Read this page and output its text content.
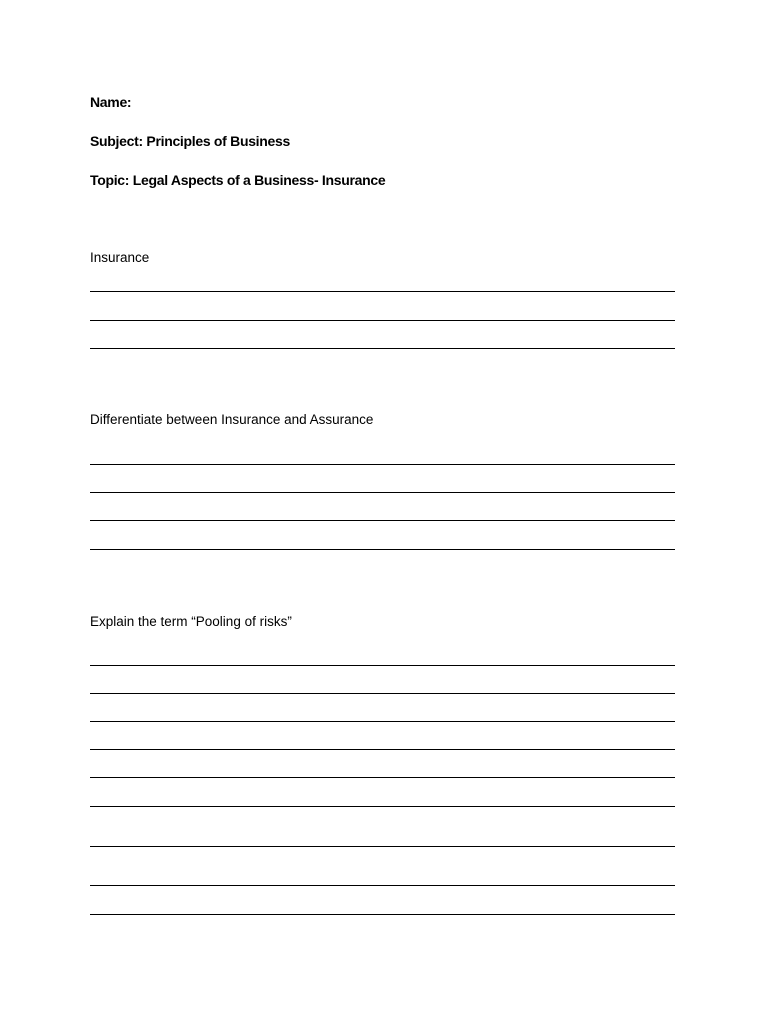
Name:

Subject: Principles of Business

Topic: Legal Aspects of a Business- Insurance

Insurance

Differentiate between Insurance and Assurance

Explain the term “Pooling of risks”
